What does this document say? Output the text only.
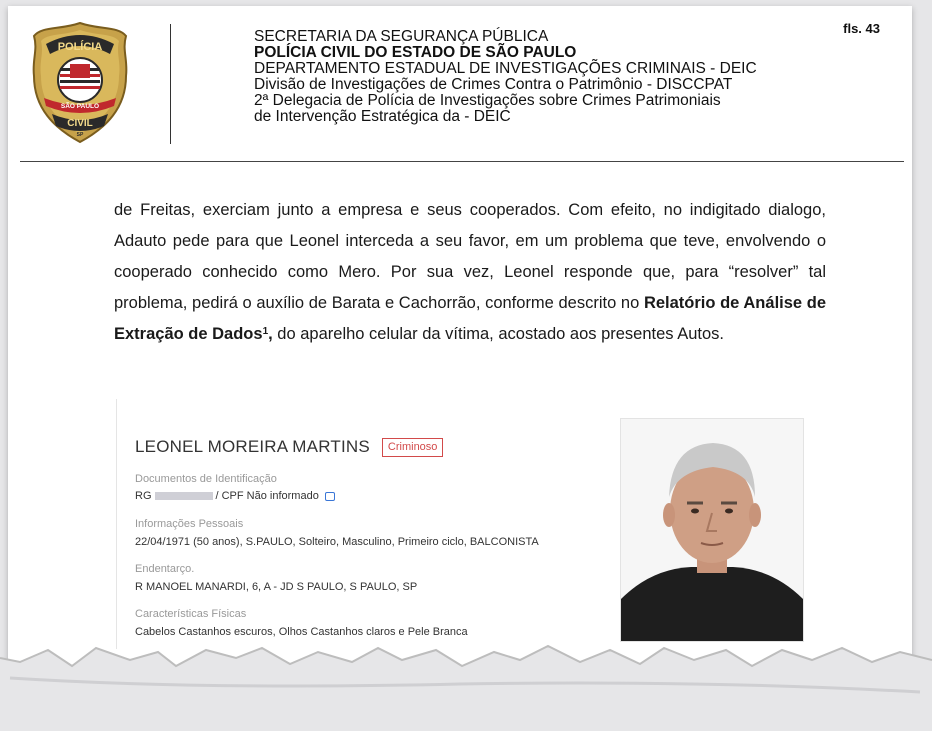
POLÍCIA
SÃO PAULO
CIVIL
SP
SECRETARIA DA SEGURANÇA PÚBLICA
POLÍCIA CIVIL DO ESTADO DE SÃO PAULO
DEPARTAMENTO ESTADUAL DE INVESTIGAÇÕES CRIMINAIS - DEIC
Divisão de Investigações de Crimes Contra o Patrimônio - DISCCPAT
2ª Delegacia de Polícia de Investigações sobre Crimes Patrimoniais
de Intervenção Estratégica da - DEIC
fls. 43
de Freitas, exerciam junto a empresa e seus cooperados. Com efeito, no indigitado dialogo, Adauto pede para que Leonel interceda a seu favor, em um problema que teve, envolvendo o cooperado conhecido como Mero. Por sua vez, Leonel responde que, para “resolver” tal problema, pedirá o auxílio de Barata e Cachorrão, conforme descrito no Relatório de Análise de Extração de Dados$^1$, do aparelho celular da vítima, acostado aos presentes Autos.
LEONEL MOREIRA MARTINS	Criminoso
Documentos de Identificação
RG	/ CPF Não informado
Informações Pessoais
22/04/1971 (50 anos), S.PAULO, Solteiro, Masculino, Primeiro ciclo, BALCONISTA
Endentarço.
R MANOEL MANARDI, 6, A - JD S PAULO, S PAULO, SP
Características Físicas
Cabelos Castanhos escuros, Olhos Castanhos claros e Pele Branca
